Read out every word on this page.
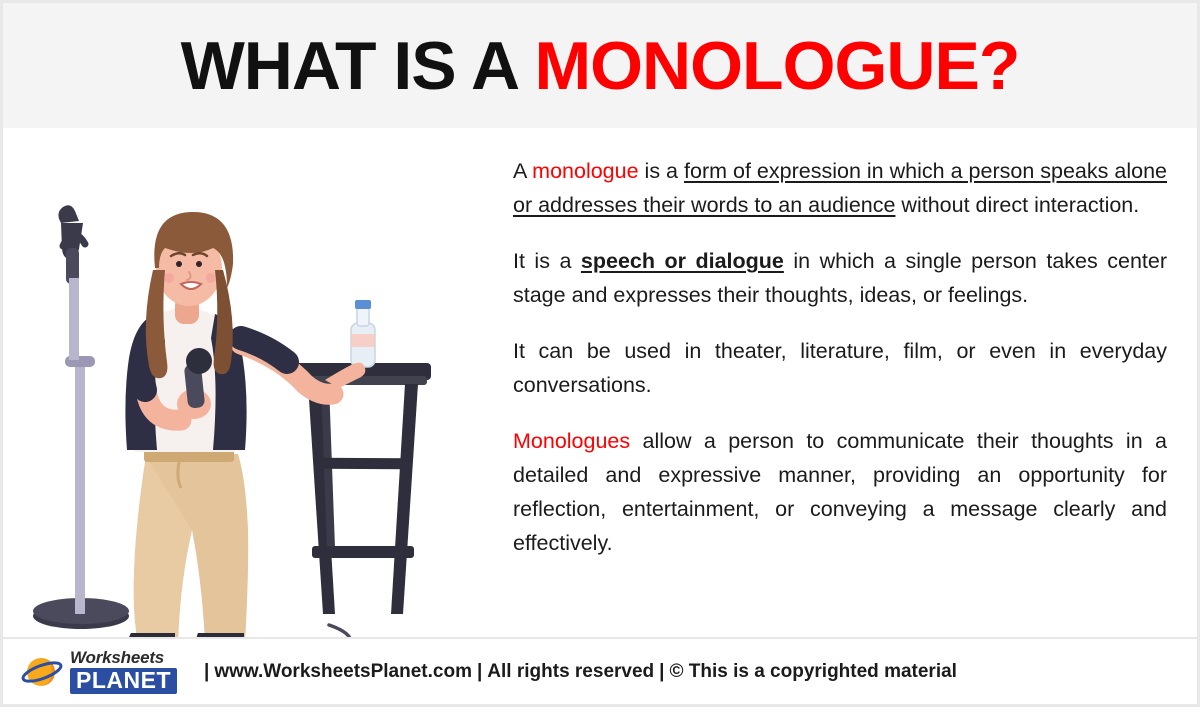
WHAT IS A MONOLOGUE?

A monologue is a form of expression in which a person speaks alone or addresses their words to an audience without direct interaction.

It is a speech or dialogue in which a single person takes center stage and expresses their thoughts, ideas, or feelings.

It can be used in theater, literature, film, or even in everyday conversations.

Monologues allow a person to communicate their thoughts in a detailed and expressive manner, providing an opportunity for reflection, entertainment, or conveying a message clearly and effectively.

Worksheets
PLANET	| www.WorksheetsPlanet.com | All rights reserved | © This is a copyrighted material
